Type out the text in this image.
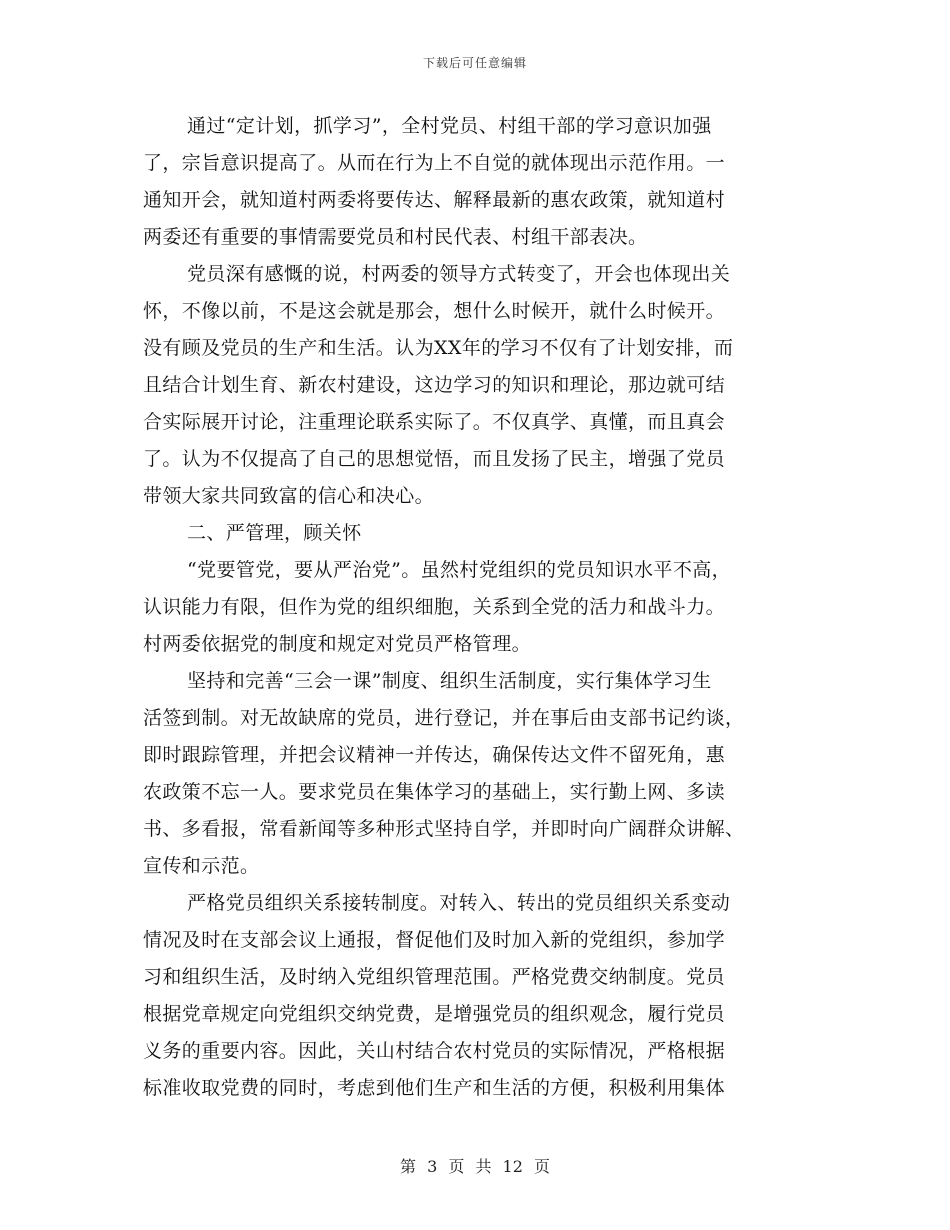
下载后可任意编辑
通过“定计划，抓学习”，全村党员、村组干部的学习意识加强
了，宗旨意识提高了。从而在行为上不自觉的就体现出示范作用。一
通知开会，就知道村两委将要传达、解释最新的惠农政策，就知道村
两委还有重要的事情需要党员和村民代表、村组干部表决。
党员深有感慨的说，村两委的领导方式转变了，开会也体现出关
怀，不像以前，不是这会就是那会，想什么时候开，就什么时候开。
没有顾及党员的生产和生活。认为XX年的学习不仅有了计划安排，而
且结合计划生育、新农村建设，这边学习的知识和理论，那边就可结
合实际展开讨论，注重理论联系实际了。不仅真学、真懂，而且真会
了。认为不仅提高了自己的思想觉悟，而且发扬了民主，增强了党员
带领大家共同致富的信心和决心。
二、严管理，顾关怀
“党要管党，要从严治党”。虽然村党组织的党员知识水平不高，
认识能力有限，但作为党的组织细胞，关系到全党的活力和战斗力。
村两委依据党的制度和规定对党员严格管理。
坚持和完善“三会一课”制度、组织生活制度，实行集体学习生
活签到制。对无故缺席的党员，进行登记，并在事后由支部书记约谈，
即时跟踪管理，并把会议精神一并传达，确保传达文件不留死角，惠
农政策不忘一人。要求党员在集体学习的基础上，实行勤上网、多读
书、多看报，常看新闻等多种形式坚持自学，并即时向广阔群众讲解、
宣传和示范。
严格党员组织关系接转制度。对转入、转出的党员组织关系变动
情况及时在支部会议上通报，督促他们及时加入新的党组织，参加学
习和组织生活，及时纳入党组织管理范围。严格党费交纳制度。党员
根据党章规定向党组织交纳党费，是增强党员的组织观念，履行党员
义务的重要内容。因此，关山村结合农村党员的实际情况，严格根据
标准收取党费的同时，考虑到他们生产和生活的方便，积极利用集体
第 3 页 共 12 页
